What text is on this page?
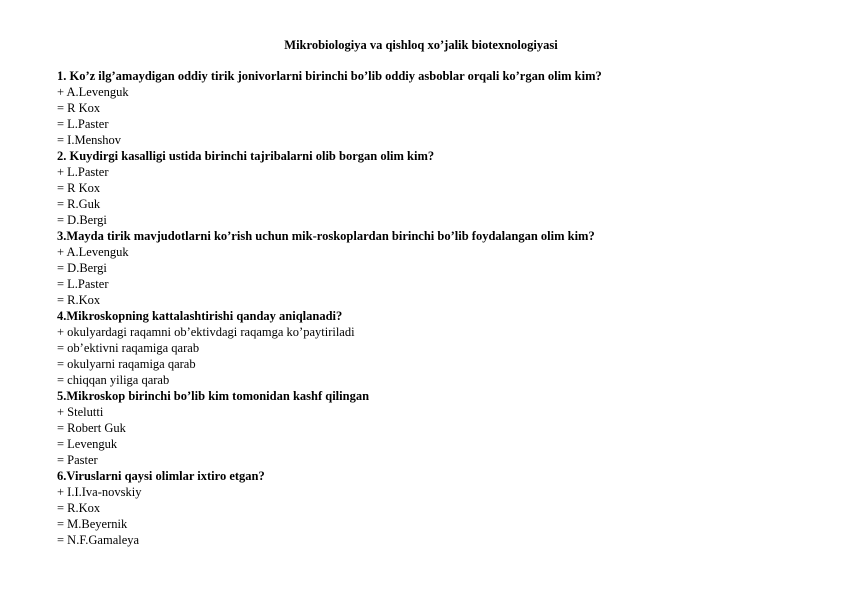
Mikrobiologiya va qishloq xo’jalik biotexnologiyasi
1. Ko’z ilg’amaydigan oddiy tirik jonivorlarni birinchi bo’lib oddiy asboblar orqali ko’rgan olim kim?
+ A.Levenguk
= R Kox
= L.Paster
= I.Menshov
2. Kuydirgi kasalligi ustida birinchi tajribalarni olib borgan olim kim?
+ L.Paster
= R Kox
= R.Guk
= D.Bergi
3.Mayda tirik mavjudotlarni ko’rish uchun mik-roskoplardan birinchi bo’lib foydalangan olim kim?
+ A.Levenguk
= D.Bergi
= L.Paster
= R.Kox
4.Mikroskopning kattalashtirishi qanday aniqlanadi?
+ okulyardagi raqamni ob’ektivdagi raqamga ko’paytiriladi
= ob’ektivni raqamiga qarab
= okulyarni raqamiga qarab
= chiqqan yiliga qarab
5.Mikroskop birinchi bo’lib kim tomonidan kashf qilingan
+ Stelutti
= Robert Guk
= Levenguk
= Paster
6.Viruslarni qaysi olimlar ixtiro etgan?
+ I.I.Iva-novskiy
= R.Kox
= M.Beyernik
= N.F.Gamaleya
